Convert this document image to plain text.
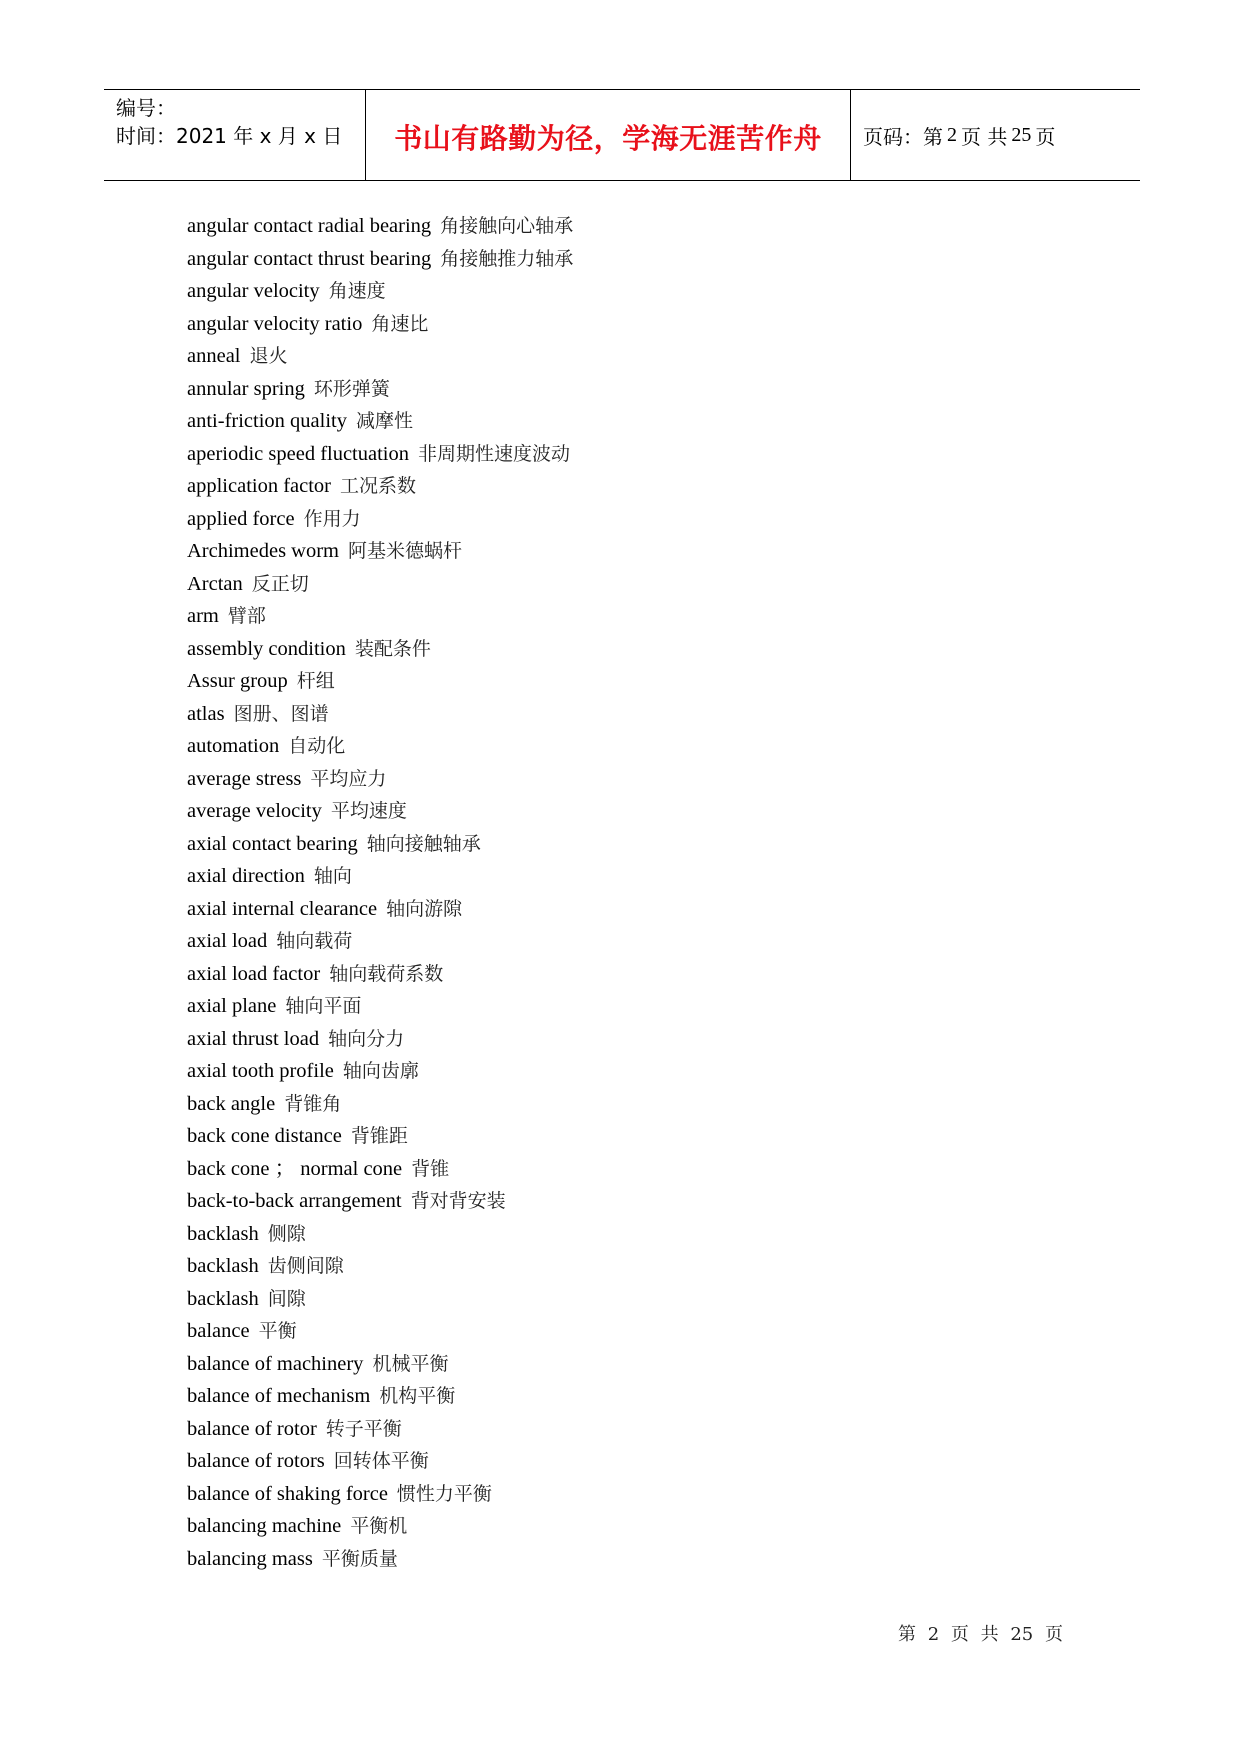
编号：
时间：2021 年 x 月 x 日 书山有路勤为径，学海无涯苦作舟 页码：第 2 页 共 25 页
angular contact radial bearing 角接触向心轴承
angular contact thrust bearing 角接触推力轴承
angular velocity 角速度
angular velocity ratio 角速比
anneal 退火
annular spring 环形弹簧
anti-friction quality 减摩性
aperiodic speed fluctuation 非周期性速度波动
application factor 工况系数
applied force 作用力
Archimedes worm 阿基米德蜗杆
Arctan 反正切
arm 臂部
assembly condition 装配条件
Assur group 杆组
atlas 图册、图谱
automation 自动化
average stress 平均应力
average velocity 平均速度
axial contact bearing 轴向接触轴承
axial direction 轴向
axial internal clearance 轴向游隙
axial load 轴向载荷
axial load factor 轴向载荷系数
axial plane 轴向平面
axial thrust load 轴向分力
axial tooth profile 轴向齿廓
back angle 背锥角
back cone distance 背锥距
back cone ； normal cone 背锥
back-to-back arrangement 背对背安装
backlash 侧隙
backlash 齿侧间隙
backlash 间隙
balance 平衡
balance of machinery 机械平衡
balance of mechanism 机构平衡
balance of rotor 转子平衡
balance of rotors 回转体平衡
balance of shaking force 惯性力平衡
balancing machine 平衡机
balancing mass 平衡质量
第 2 页 共 25 页
